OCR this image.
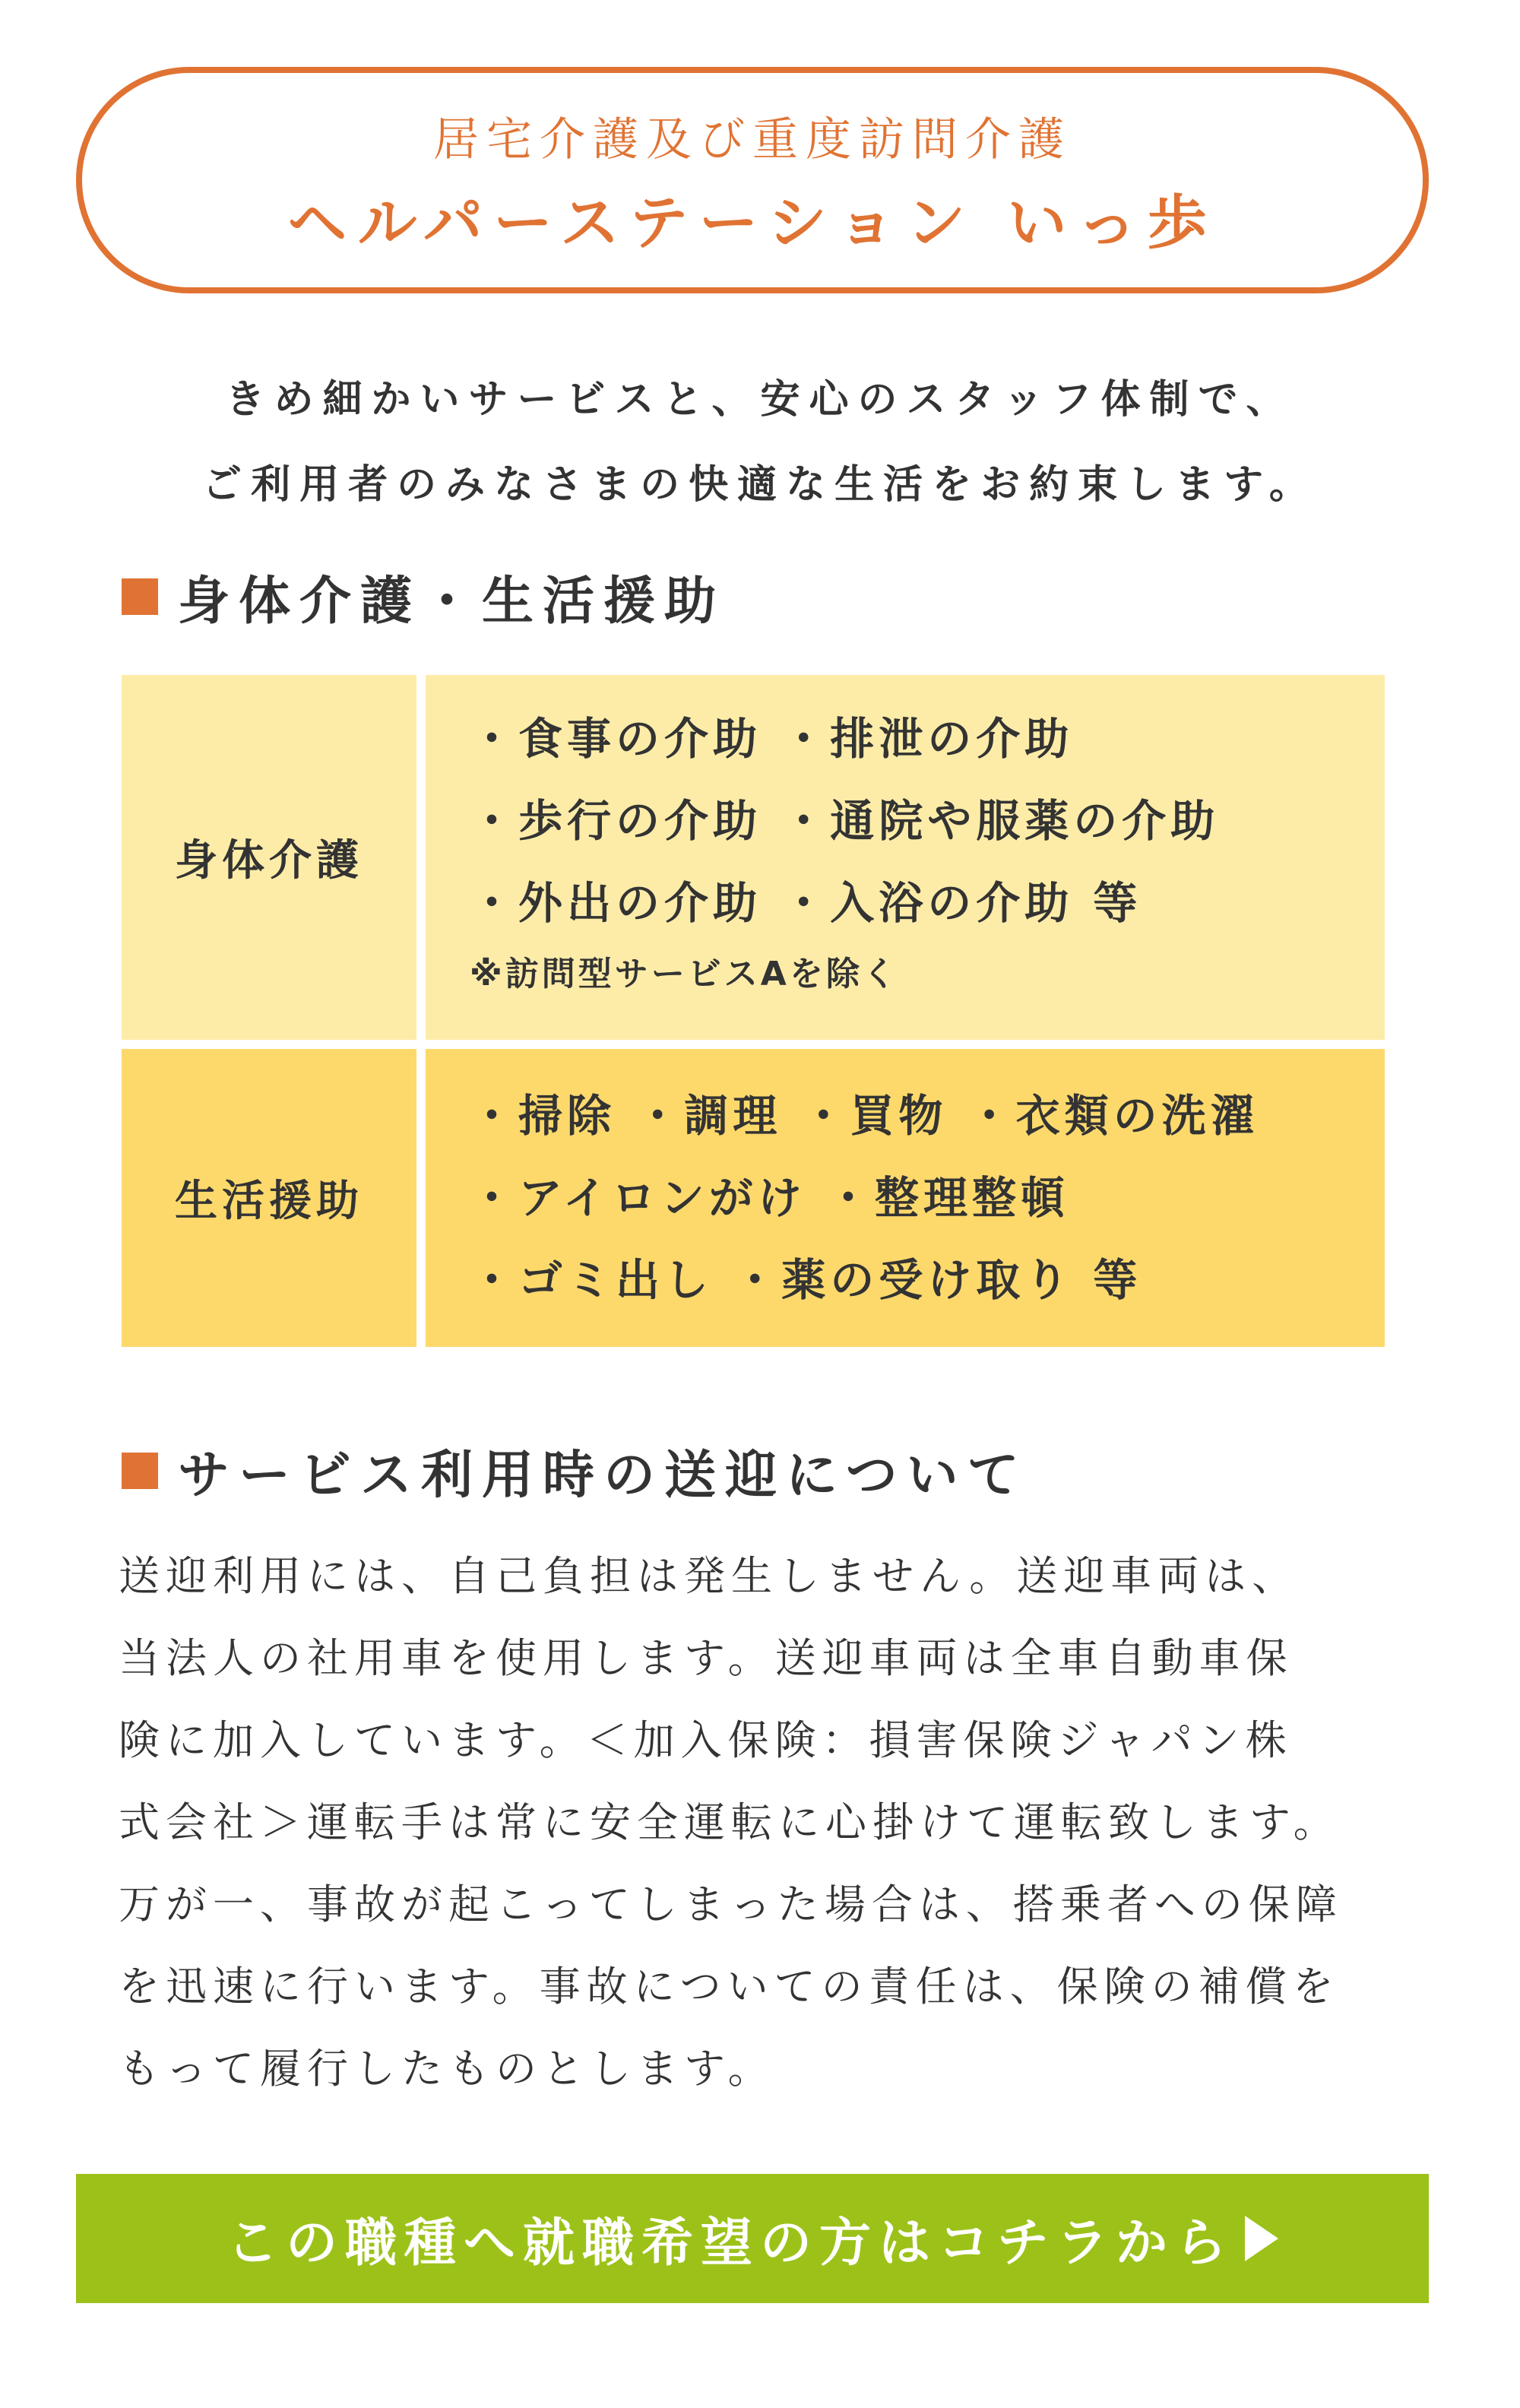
居宅介護及び重度訪問介護
ヘルパーステーション いっ歩
きめ細かいサービスと、安心のスタッフ体制で、
ご利用者のみなさまの快適な生活をお約束します。
身体介護・生活援助
身体介護
・食事の介助 ・排泄の介助
・歩行の介助 ・通院や服薬の介助
・外出の介助 ・入浴の介助 等
※訪問型サービスAを除く
生活援助
・掃除 ・調理 ・買物 ・衣類の洗濯
・アイロンがけ ・整理整頓
・ゴミ出し ・薬の受け取り 等
サービス利用時の送迎について
送迎利用には、自己負担は発生しません。送迎車両は、
当法人の社用車を使用します。送迎車両は全車自動車保
険に加入しています。＜加入保険：損害保険ジャパン株
式会社＞運転手は常に安全運転に心掛けて運転致します。
万が一、事故が起こってしまった場合は、搭乗者への保障
を迅速に行います。事故についての責任は、保険の補償を
もって履行したものとします。
この職種へ就職希望の方はコチラから
